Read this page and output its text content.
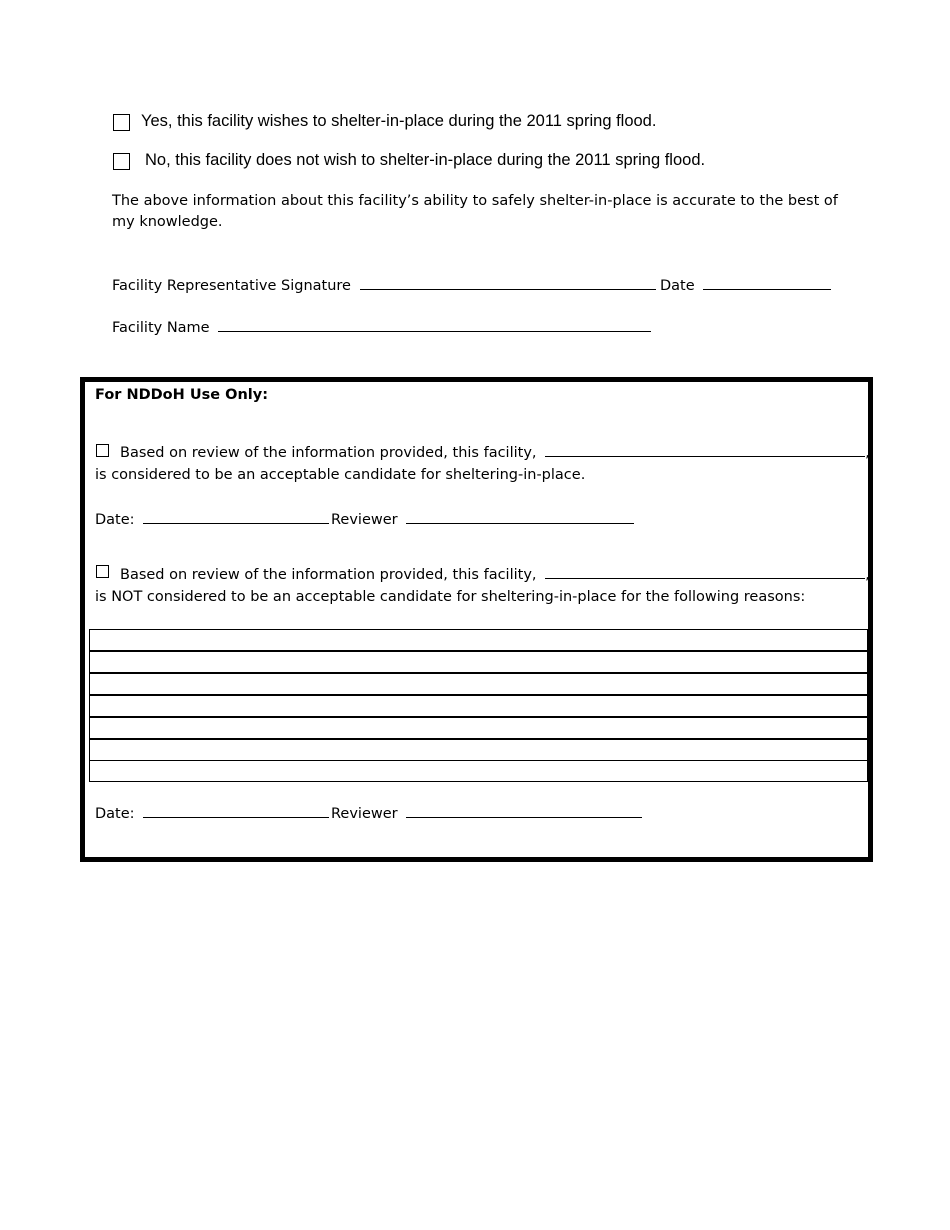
Yes, this facility wishes to shelter-in-place during the 2011 spring flood.
No, this facility does not wish to shelter-in-place during the 2011 spring flood.
The above information about this facility’s ability to safely shelter-in-place is accurate to the best of my knowledge.
Facility Representative Signature	Date
Facility Name
For NDDoH Use Only:
Based on review of the information provided, this facility,	,
is considered to be an acceptable candidate for sheltering-in-place.
Date:	Reviewer
Based on review of the information provided, this facility,	,
is NOT considered to be an acceptable candidate for sheltering-in-place for the following reasons:
Date:	Reviewer
